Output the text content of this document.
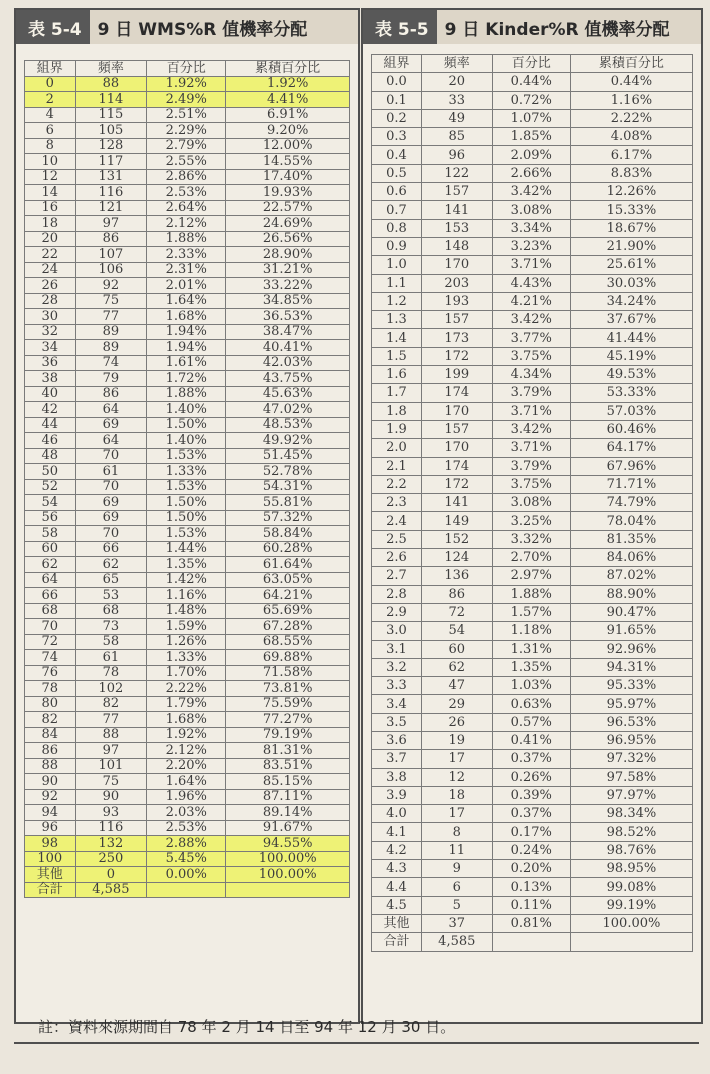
表 5-4 9 日 WMS%R 值機率分配
組界	頻率	百分比	累積百分比
0	88	1.92%	1.92%
2	114	2.49%	4.41%
4	115	2.51%	6.91%
6	105	2.29%	9.20%
8	128	2.79%	12.00%
10	117	2.55%	14.55%
12	131	2.86%	17.40%
14	116	2.53%	19.93%
16	121	2.64%	22.57%
18	97	2.12%	24.69%
20	86	1.88%	26.56%
22	107	2.33%	28.90%
24	106	2.31%	31.21%
26	92	2.01%	33.22%
28	75	1.64%	34.85%
30	77	1.68%	36.53%
32	89	1.94%	38.47%
34	89	1.94%	40.41%
36	74	1.61%	42.03%
38	79	1.72%	43.75%
40	86	1.88%	45.63%
42	64	1.40%	47.02%
44	69	1.50%	48.53%
46	64	1.40%	49.92%
48	70	1.53%	51.45%
50	61	1.33%	52.78%
52	70	1.53%	54.31%
54	69	1.50%	55.81%
56	69	1.50%	57.32%
58	70	1.53%	58.84%
60	66	1.44%	60.28%
62	62	1.35%	61.64%
64	65	1.42%	63.05%
66	53	1.16%	64.21%
68	68	1.48%	65.69%
70	73	1.59%	67.28%
72	58	1.26%	68.55%
74	61	1.33%	69.88%
76	78	1.70%	71.58%
78	102	2.22%	73.81%
80	82	1.79%	75.59%
82	77	1.68%	77.27%
84	88	1.92%	79.19%
86	97	2.12%	81.31%
88	101	2.20%	83.51%
90	75	1.64%	85.15%
92	90	1.96%	87.11%
94	93	2.03%	89.14%
96	116	2.53%	91.67%
98	132	2.88%	94.55%
100	250	5.45%	100.00%
其他	0	0.00%	100.00%
合計	4,585		
表 5-5 9 日 Kinder%R 值機率分配
組界	頻率	百分比	累積百分比
0.0	20	0.44%	0.44%
0.1	33	0.72%	1.16%
0.2	49	1.07%	2.22%
0.3	85	1.85%	4.08%
0.4	96	2.09%	6.17%
0.5	122	2.66%	8.83%
0.6	157	3.42%	12.26%
0.7	141	3.08%	15.33%
0.8	153	3.34%	18.67%
0.9	148	3.23%	21.90%
1.0	170	3.71%	25.61%
1.1	203	4.43%	30.03%
1.2	193	4.21%	34.24%
1.3	157	3.42%	37.67%
1.4	173	3.77%	41.44%
1.5	172	3.75%	45.19%
1.6	199	4.34%	49.53%
1.7	174	3.79%	53.33%
1.8	170	3.71%	57.03%
1.9	157	3.42%	60.46%
2.0	170	3.71%	64.17%
2.1	174	3.79%	67.96%
2.2	172	3.75%	71.71%
2.3	141	3.08%	74.79%
2.4	149	3.25%	78.04%
2.5	152	3.32%	81.35%
2.6	124	2.70%	84.06%
2.7	136	2.97%	87.02%
2.8	86	1.88%	88.90%
2.9	72	1.57%	90.47%
3.0	54	1.18%	91.65%
3.1	60	1.31%	92.96%
3.2	62	1.35%	94.31%
3.3	47	1.03%	95.33%
3.4	29	0.63%	95.97%
3.5	26	0.57%	96.53%
3.6	19	0.41%	96.95%
3.7	17	0.37%	97.32%
3.8	12	0.26%	97.58%
3.9	18	0.39%	97.97%
4.0	17	0.37%	98.34%
4.1	8	0.17%	98.52%
4.2	11	0.24%	98.76%
4.3	9	0.20%	98.95%
4.4	6	0.13%	99.08%
4.5	5	0.11%	99.19%
其他	37	0.81%	100.00%
合計	4,585		
註：資料來源期間自 78 年 2 月 14 日至 94 年 12 月 30 日。
